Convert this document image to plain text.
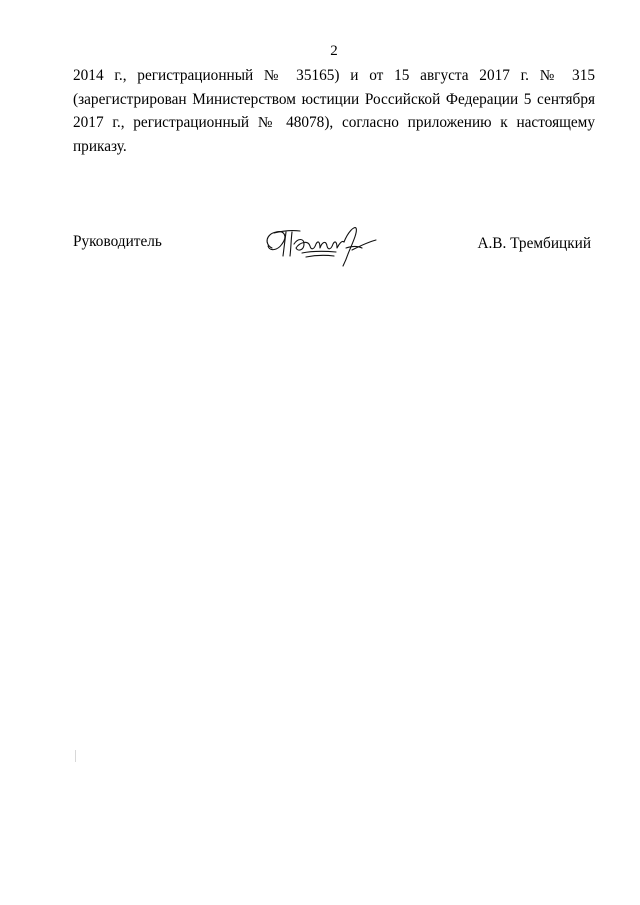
2
2014 г., регистрационный № 35165) и от 15 августа 2017 г. № 315
(зарегистрирован Министерством юстиции Российской Федерации 5 сентября
2017 г., регистрационный № 48078), согласно приложению к настоящему
приказу.
Руководитель	А.В. Трембицкий
